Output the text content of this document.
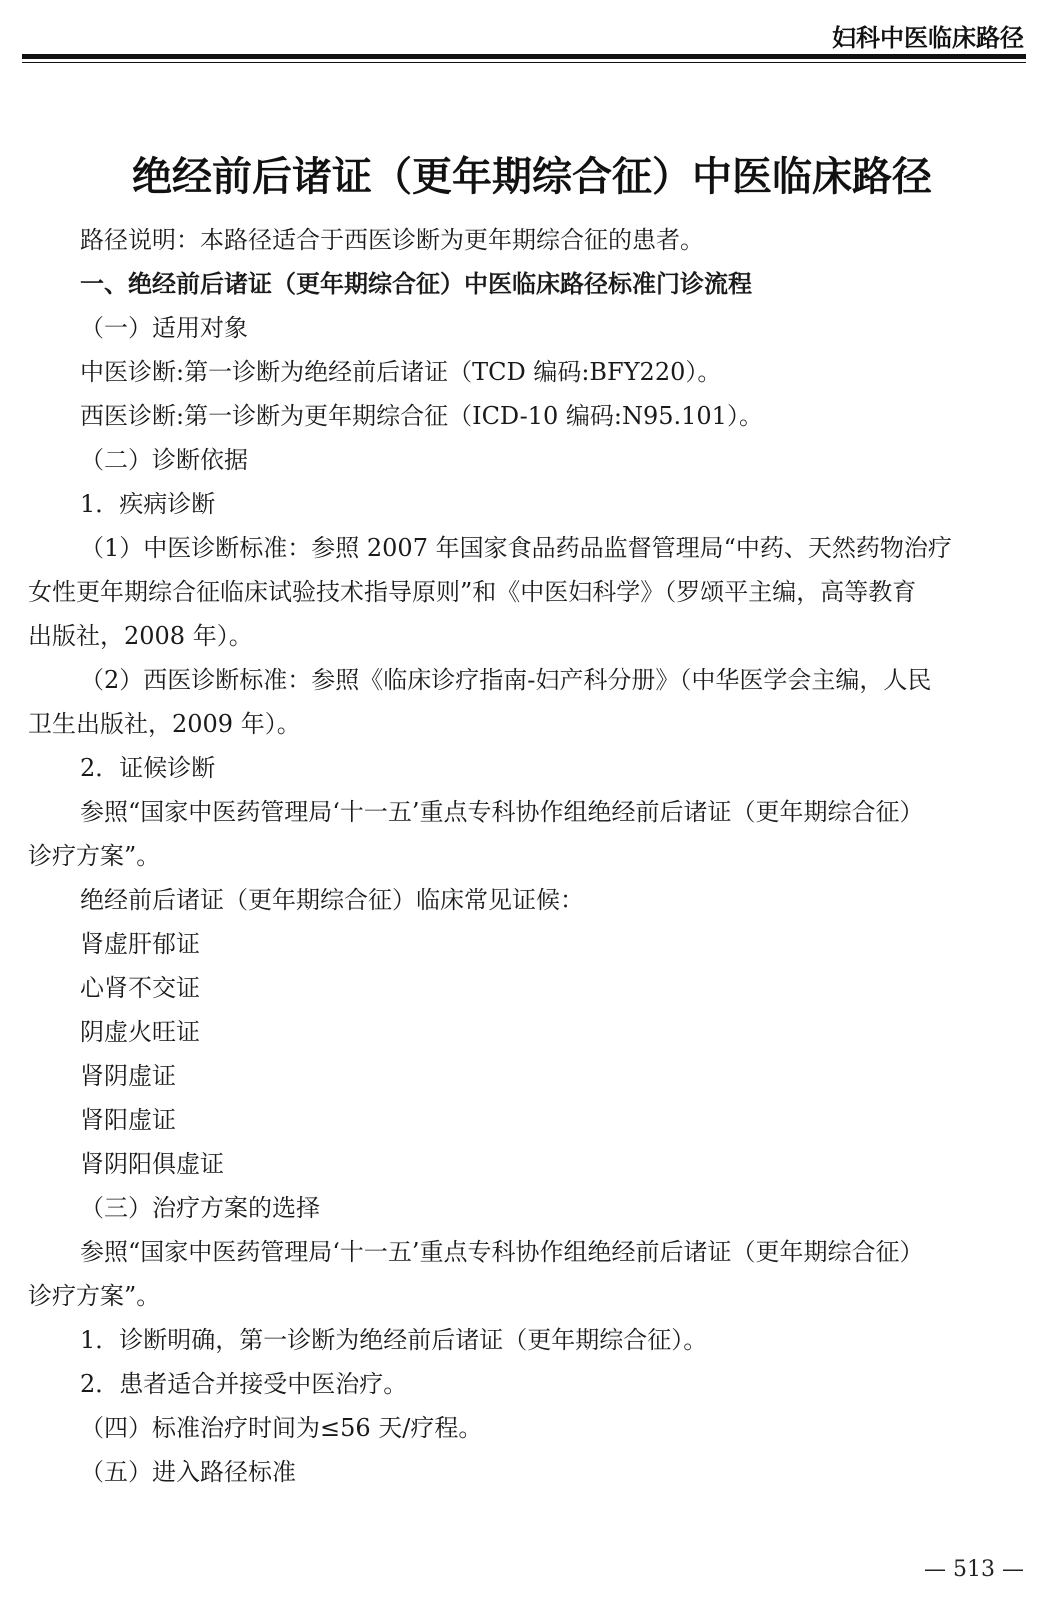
妇科中医临床路径
绝经前后诸证（更年期综合征）中医临床路径

路径说明：本路径适合于西医诊断为更年期综合征的患者。

一、绝经前后诸证（更年期综合征）中医临床路径标准门诊流程

（一）适用对象

中医诊断:第一诊断为绝经前后诸证（TCD 编码:BFY220）。

西医诊断:第一诊断为更年期综合征（ICD-10 编码:N95.101）。

（二）诊断依据

1．疾病诊断

（1）中医诊断标准：参照 2007 年国家食品药品监督管理局“中药、天然药物治疗

女性更年期综合征临床试验技术指导原则”和《中医妇科学》（罗颂平主编，高等教育

出版社，2008 年）。

（2）西医诊断标准：参照《临床诊疗指南-妇产科分册》（中华医学会主编，人民

卫生出版社，2009 年）。

2．证候诊断

参照“国家中医药管理局‘十一五’重点专科协作组绝经前后诸证（更年期综合征）

诊疗方案”。

绝经前后诸证（更年期综合征）临床常见证候：

肾虚肝郁证

心肾不交证

阴虚火旺证

肾阴虚证

肾阳虚证

肾阴阳俱虚证

（三）治疗方案的选择

参照“国家中医药管理局‘十一五’重点专科协作组绝经前后诸证（更年期综合征）

诊疗方案”。

1．诊断明确，第一诊断为绝经前后诸证（更年期综合征）。

2．患者适合并接受中医治疗。

（四）标准治疗时间为≤56 天/疗程。

（五）进入路径标准

— 513 —
